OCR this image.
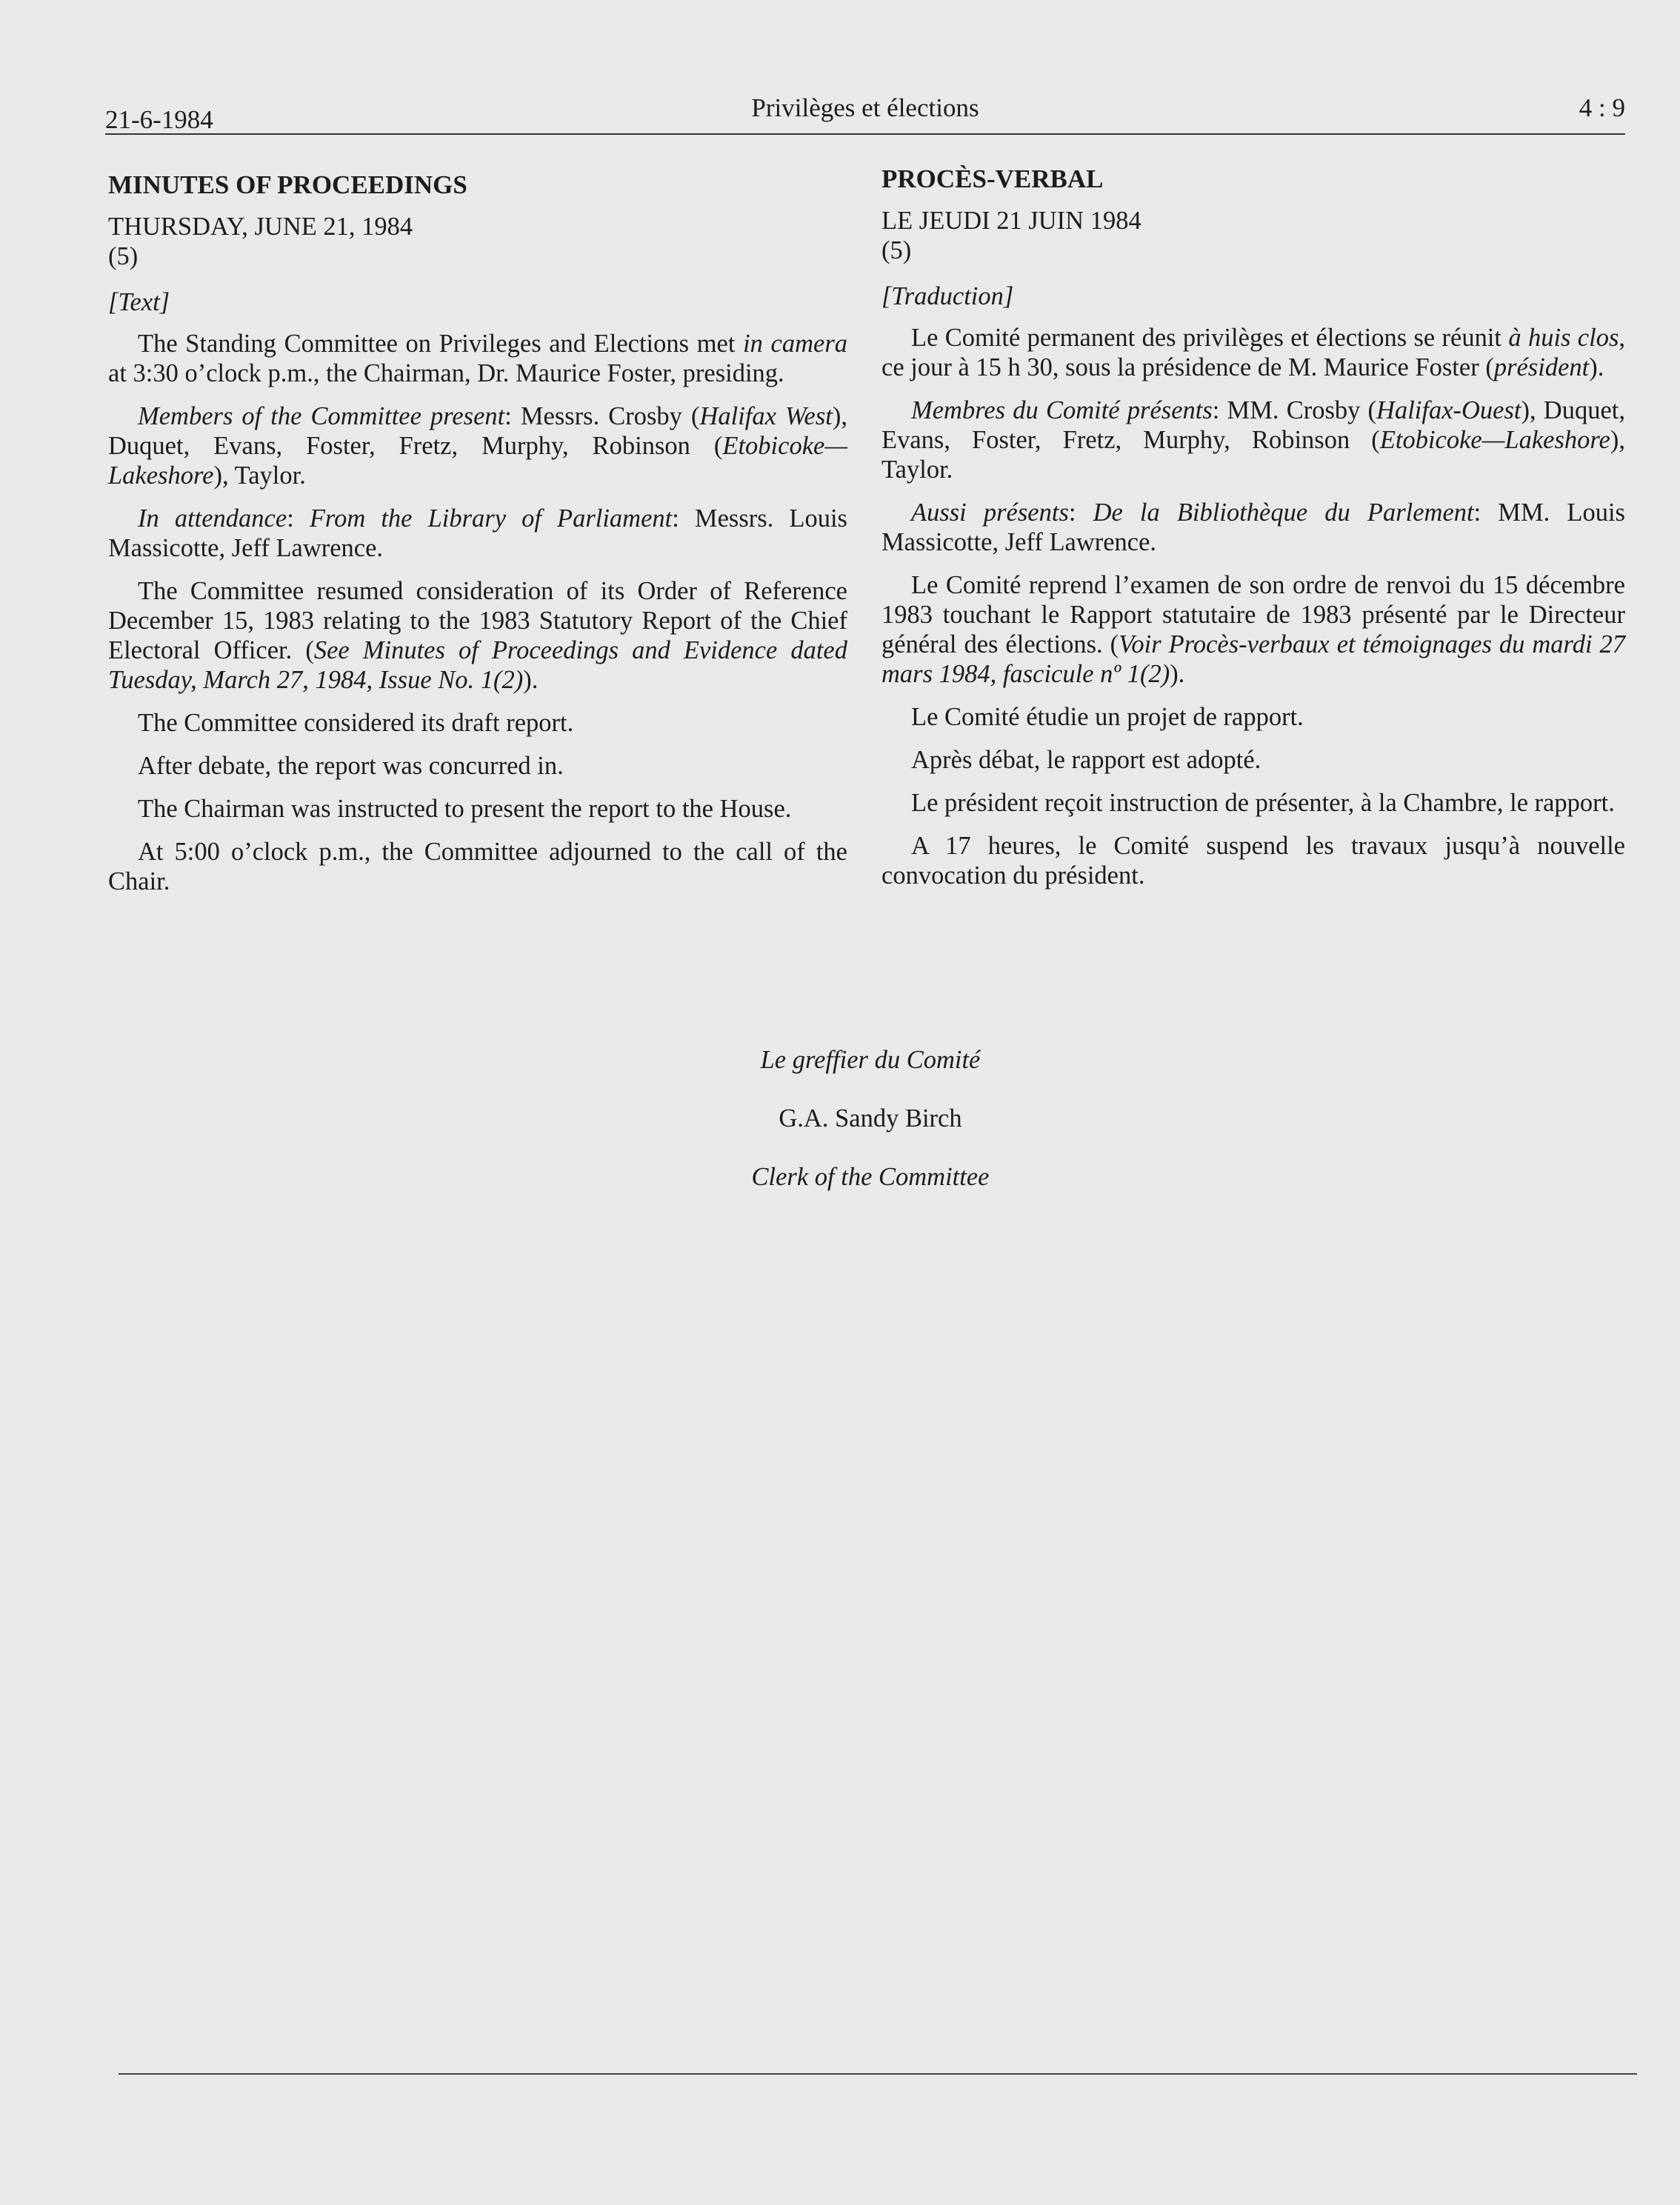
21-6-1984	Privilèges et élections	4 : 9

MINUTES OF PROCEEDINGS

THURSDAY, JUNE 21, 1984

(5)

[Text]

The Standing Committee on Privileges and Elections met in camera at 3:30 o’clock p.m., the Chairman, Dr. Maurice Foster, presiding.

Members of the Committee present: Messrs. Crosby (Halifax West), Duquet, Evans, Foster, Fretz, Murphy, Robinson (Etobicoke—Lakeshore), Taylor.

In attendance: From the Library of Parliament: Messrs. Louis Massicotte, Jeff Lawrence.

The Committee resumed consideration of its Order of Reference December 15, 1983 relating to the 1983 Statutory Report of the Chief Electoral Officer. (See Minutes of Proceedings and Evidence dated Tuesday, March 27, 1984, Issue No. 1(2)).

The Committee considered its draft report.

After debate, the report was concurred in.

The Chairman was instructed to present the report to the House.

At 5:00 o’clock p.m., the Committee adjourned to the call of the Chair.

PROCÈS-VERBAL

LE JEUDI 21 JUIN 1984

(5)

[Traduction]

Le Comité permanent des privilèges et élections se réunit à huis clos, ce jour à 15 h 30, sous la présidence de M. Maurice Foster (président).

Membres du Comité présents: MM. Crosby (Halifax-Ouest), Duquet, Evans, Foster, Fretz, Murphy, Robinson (Etobicoke—Lakeshore), Taylor.

Aussi présents: De la Bibliothèque du Parlement: MM. Louis Massicotte, Jeff Lawrence.

Le Comité reprend l’examen de son ordre de renvoi du 15 décembre 1983 touchant le Rapport statutaire de 1983 présenté par le Directeur général des élections. (Voir Procès-verbaux et témoignages du mardi 27 mars 1984, fascicule nº 1(2)).

Le Comité étudie un projet de rapport.

Après débat, le rapport est adopté.

Le président reçoit instruction de présenter, à la Chambre, le rapport.

A 17 heures, le Comité suspend les travaux jusqu’à nouvelle convocation du président.

Le greffier du Comité

G.A. Sandy Birch

Clerk of the Committee
